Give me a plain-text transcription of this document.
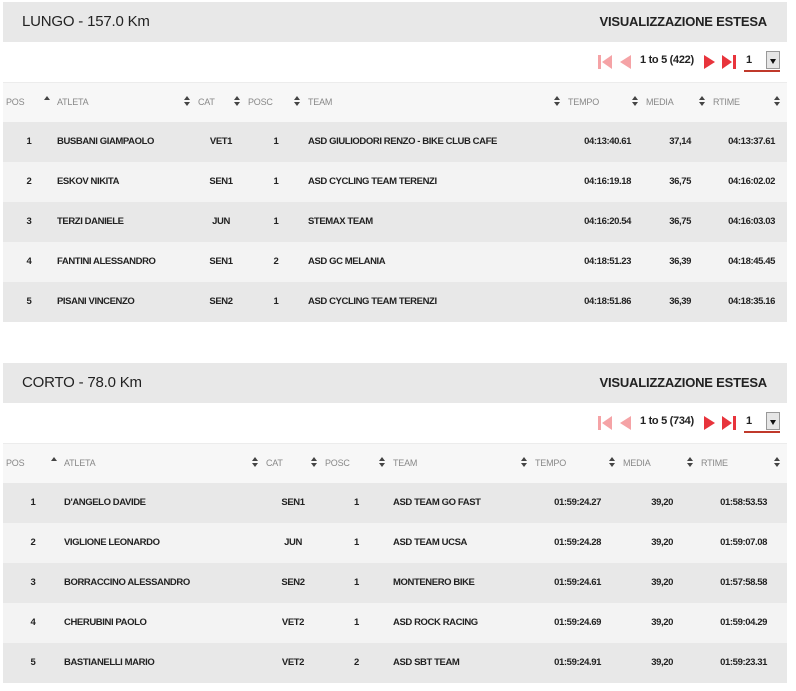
LUNGO - 157.0 Km	VISUALIZZAZIONE ESTESA
1 to 5 (422)	1
POS	ATLETA	CAT	POSC	TEAM	TEMPO	MEDIA	RTIME
1	BUSBANI GIAMPAOLO	VET1	1	ASD GIULIODORI RENZO - BIKE CLUB CAFE	04:13:40.61	37,14	04:13:37.61
2	ESKOV NIKITA	SEN1	1	ASD CYCLING TEAM TERENZI	04:16:19.18	36,75	04:16:02.02
3	TERZI DANIELE	JUN	1	STEMAX TEAM	04:16:20.54	36,75	04:16:03.03
4	FANTINI ALESSANDRO	SEN1	2	ASD GC MELANIA	04:18:51.23	36,39	04:18:45.45
5	PISANI VINCENZO	SEN2	1	ASD CYCLING TEAM TERENZI	04:18:51.86	36,39	04:18:35.16
CORTO - 78.0 Km	VISUALIZZAZIONE ESTESA
1 to 5 (734)	1
POS	ATLETA	CAT	POSC	TEAM	TEMPO	MEDIA	RTIME
1	D'ANGELO DAVIDE	SEN1	1	ASD TEAM GO FAST	01:59:24.27	39,20	01:58:53.53
2	VIGLIONE LEONARDO	JUN	1	ASD TEAM UCSA	01:59:24.28	39,20	01:59:07.08
3	BORRACCINO ALESSANDRO	SEN2	1	MONTENERO BIKE	01:59:24.61	39,20	01:57:58.58
4	CHERUBINI PAOLO	VET2	1	ASD ROCK RACING	01:59:24.69	39,20	01:59:04.29
5	BASTIANELLI MARIO	VET2	2	ASD SBT TEAM	01:59:24.91	39,20	01:59:23.31
